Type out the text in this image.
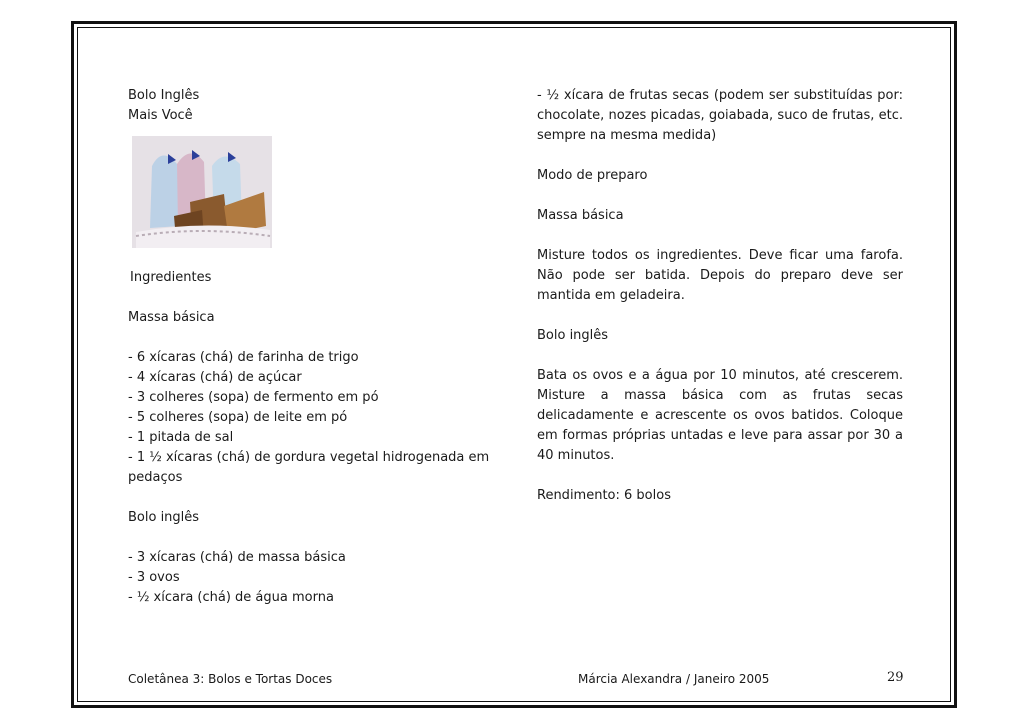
Bolo Inglês
Mais Você
Ingredientes
Massa básica
- 6 xícaras (chá) de farinha de trigo
- 4 xícaras (chá) de açúcar
- 3 colheres (sopa) de fermento em pó
- 5 colheres (sopa) de leite em pó
- 1 pitada de sal
- 1 ½ xícaras (chá) de gordura vegetal hidrogenada em
pedaços
Bolo inglês
- 3 xícaras (chá) de massa básica
- 3 ovos
- ½ xícara (chá) de água morna
- ½ xícara de frutas secas (podem ser substituídas por: chocolate, nozes picadas, goiabada, suco de frutas, etc. sempre na mesma medida)
Modo de preparo
Massa básica
Misture todos os ingredientes. Deve ficar uma farofa. Não pode ser batida. Depois do preparo deve ser mantida em geladeira.
Bolo inglês
Bata os ovos e a água por 10 minutos, até crescerem. Misture a massa básica com as frutas secas delicadamente e acrescente os ovos batidos. Coloque em formas próprias untadas e leve para assar por 30 a 40 minutos.
Rendimento: 6 bolos
Coletânea 3: Bolos e Tortas Doces	Márcia Alexandra / Janeiro 2005	29
